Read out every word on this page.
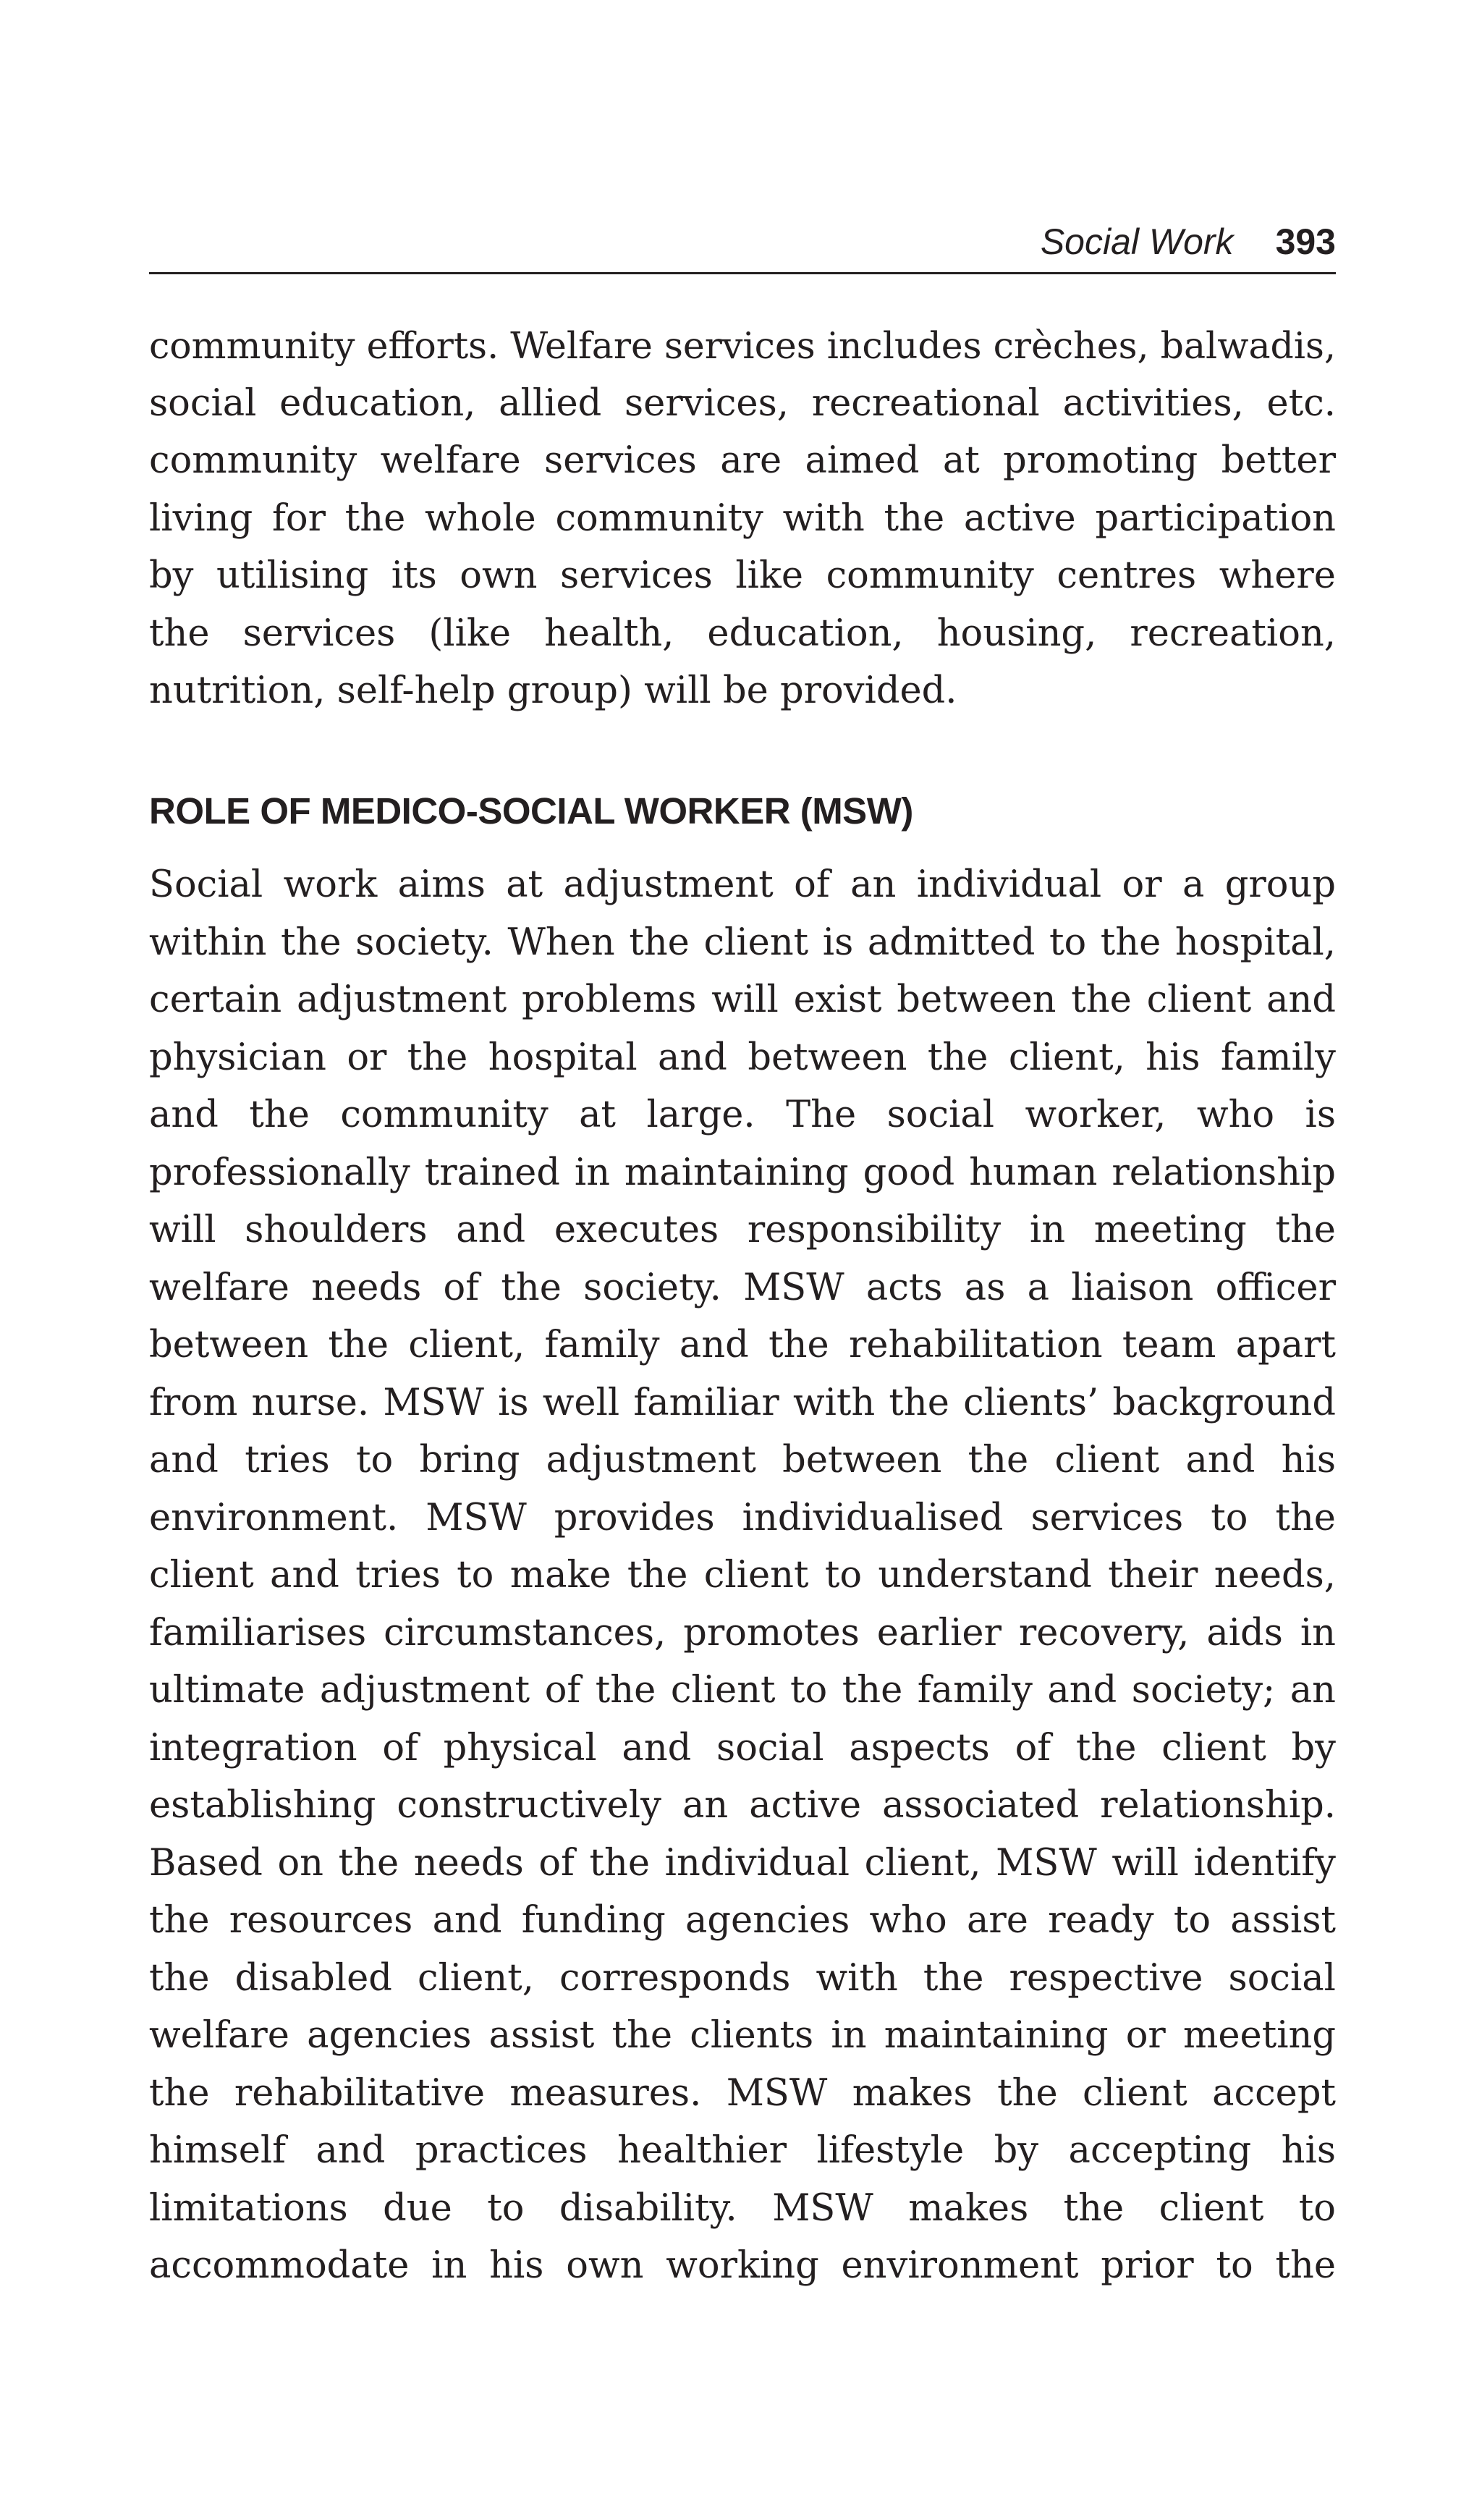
Social Work 393
community efforts. Welfare services includes crèches, balwadis,
social education, allied services, recreational activities, etc.
community welfare services are aimed at promoting better
living for the whole community with the active participation
by utilising its own services like community centres where
the services (like health, education, housing, recreation,
nutrition, self-help group) will be provided.
ROLE OF MEDICO-SOCIAL WORKER (MSW)
Social work aims at adjustment of an individual or a group
within the society. When the client is admitted to the hospital,
certain adjustment problems will exist between the client and
physician or the hospital and between the client, his family
and the community at large. The social worker, who is
professionally trained in maintaining good human relationship
will shoulders and executes responsibility in meeting the
welfare needs of the society. MSW acts as a liaison officer
between the client, family and the rehabilitation team apart
from nurse. MSW is well familiar with the clients’ background
and tries to bring adjustment between the client and his
environment. MSW provides individualised services to the
client and tries to make the client to understand their needs,
familiarises circumstances, promotes earlier recovery, aids in
ultimate adjustment of the client to the family and society; an
integration of physical and social aspects of the client by
establishing constructively an active associated relationship.
Based on the needs of the individual client, MSW will identify
the resources and funding agencies who are ready to assist
the disabled client, corresponds with the respective social
welfare agencies assist the clients in maintaining or meeting
the rehabilitative measures. MSW makes the client accept
himself and practices healthier lifestyle by accepting his
limitations due to disability. MSW makes the client to
accommodate in his own working environment prior to the
